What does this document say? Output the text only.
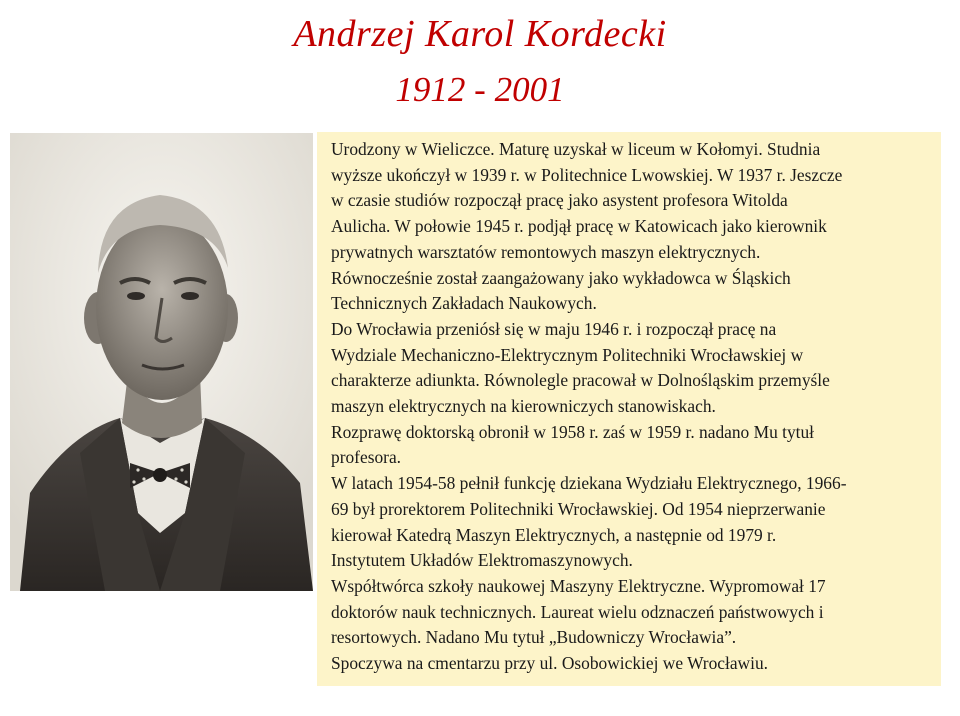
Andrzej Karol Kordecki
1912 - 2001
Urodzony w Wieliczce. Maturę uzyskał w liceum w Kołomyi. Studnia
wyższe ukończył w 1939 r. w Politechnice Lwowskiej. W 1937 r. Jeszcze
w czasie studiów rozpoczął pracę jako asystent profesora Witolda
Aulicha. W połowie 1945 r. podjął pracę w Katowicach jako kierownik
prywatnych warsztatów remontowych maszyn elektrycznych.
Równocześnie został zaangażowany jako wykładowca w Śląskich
Technicznych Zakładach Naukowych.
Do Wrocławia przeniósł się w maju 1946 r. i rozpoczął pracę na
Wydziale Mechaniczno-Elektrycznym Politechniki Wrocławskiej w
charakterze adiunkta. Równolegle pracował w Dolnośląskim przemyśle
maszyn elektrycznych na kierowniczych stanowiskach.
Rozprawę doktorską obronił w 1958 r. zaś w 1959 r. nadano Mu tytuł
profesora.
W latach 1954-58 pełnił funkcję dziekana Wydziału Elektrycznego, 1966-
69 był prorektorem Politechniki Wrocławskiej. Od 1954 nieprzerwanie
kierował Katedrą Maszyn Elektrycznych, a następnie od 1979 r.
Instytutem Układów Elektromaszynowych.
Współtwórca szkoły naukowej Maszyny Elektryczne. Wypromował 17
doktorów nauk technicznych. Laureat wielu odznaczeń państwowych i
resortowych. Nadano Mu tytuł „Budowniczy Wrocławia”.
Spoczywa na cmentarzu przy ul. Osobowickiej we Wrocławiu.
